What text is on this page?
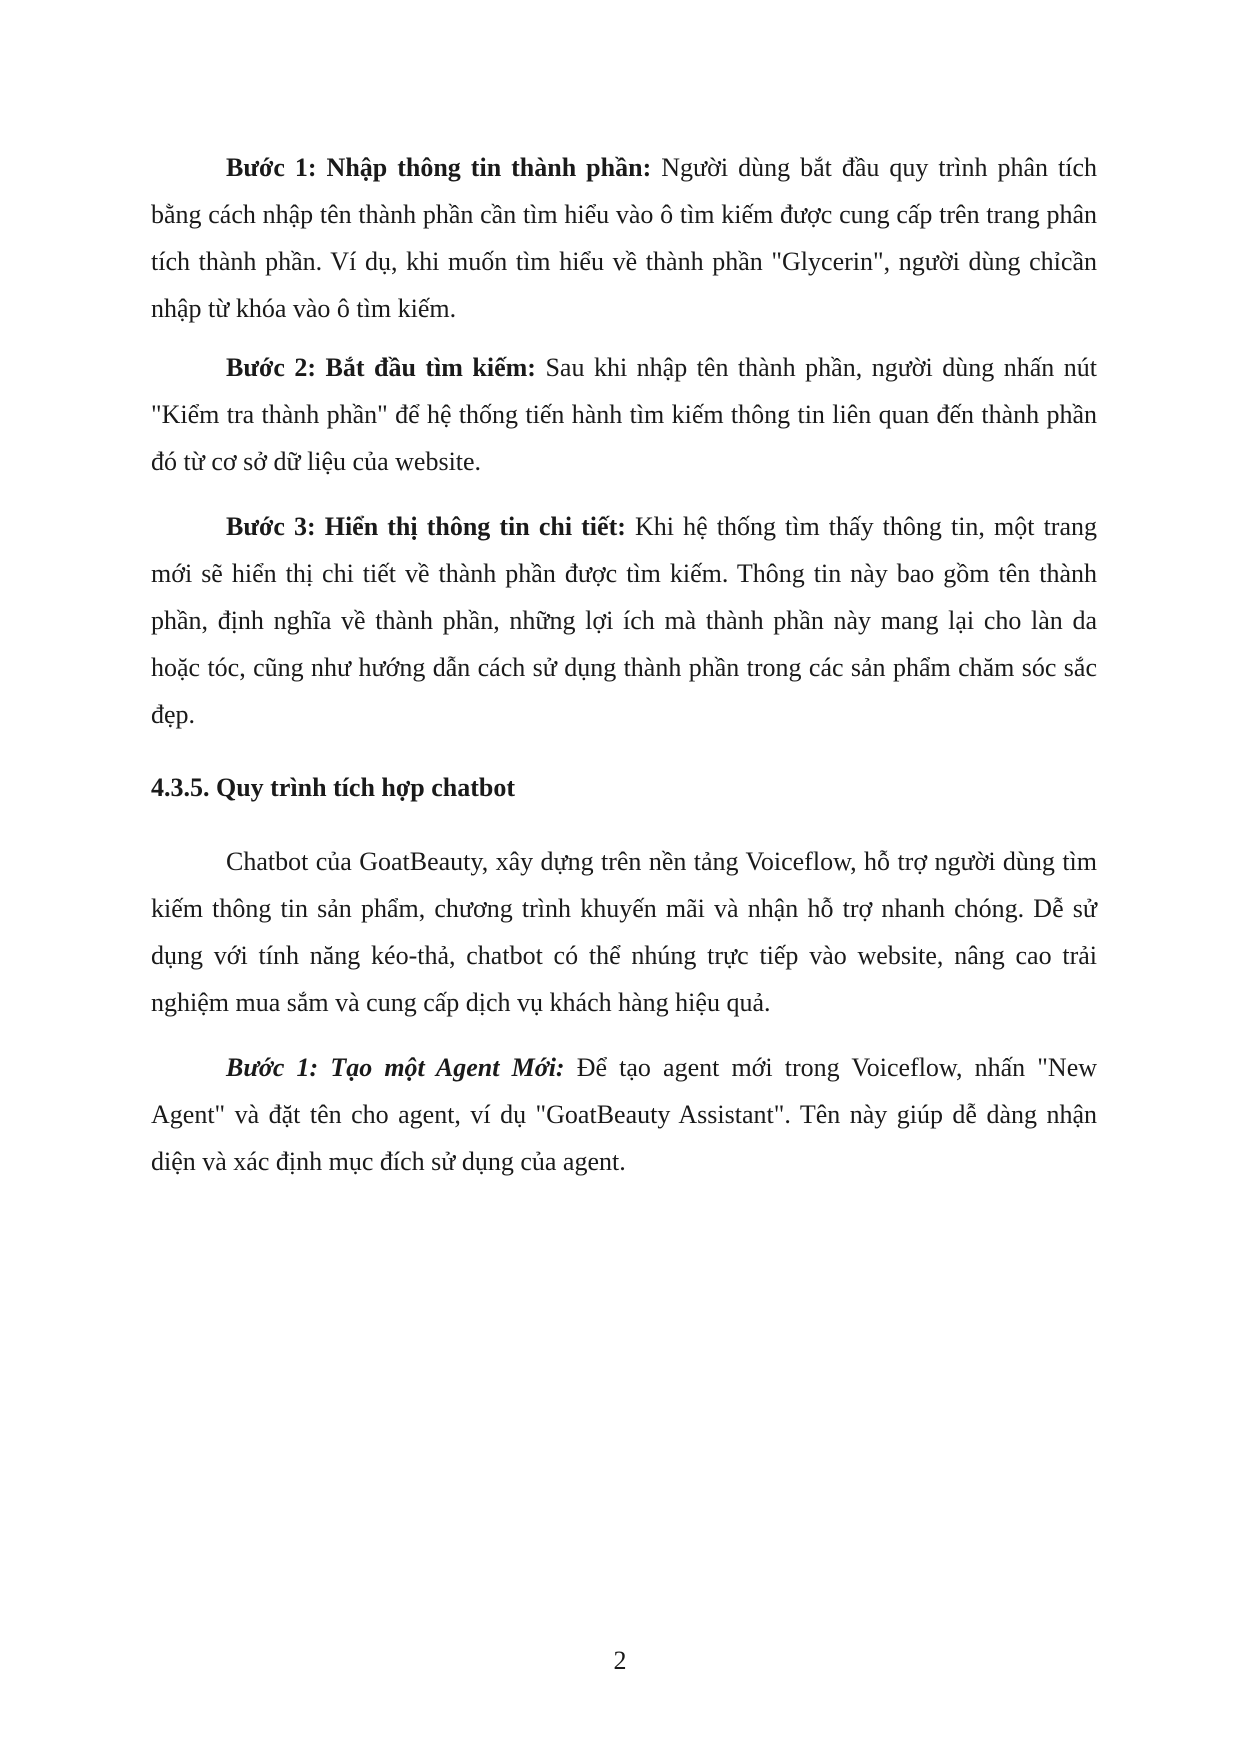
Bước 1: Nhập thông tin thành phần: Người dùng bắt đầu quy trình phân tích bằng cách nhập tên thành phần cần tìm hiểu vào ô tìm kiếm được cung cấp trên trang phân tích thành phần. Ví dụ, khi muốn tìm hiểu về thành phần "Glycerin", người dùng chỉcần nhập từ khóa vào ô tìm kiếm.

Bước 2: Bắt đầu tìm kiếm: Sau khi nhập tên thành phần, người dùng nhấn nút "Kiểm tra thành phần" để hệ thống tiến hành tìm kiếm thông tin liên quan đến thành phần đó từ cơ sở dữ liệu của website.

Bước 3: Hiển thị thông tin chi tiết: Khi hệ thống tìm thấy thông tin, một trang mới sẽ hiển thị chi tiết về thành phần được tìm kiếm. Thông tin này bao gồm tên thành phần, định nghĩa về thành phần, những lợi ích mà thành phần này mang lại cho làn da hoặc tóc, cũng như hướng dẫn cách sử dụng thành phần trong các sản phẩm chăm sóc sắc đẹp.

4.3.5. Quy trình tích hợp chatbot

Chatbot của GoatBeauty, xây dựng trên nền tảng Voiceflow, hỗ trợ người dùng tìm kiếm thông tin sản phẩm, chương trình khuyến mãi và nhận hỗ trợ nhanh chóng. Dễ sử dụng với tính năng kéo-thả, chatbot có thể nhúng trực tiếp vào website, nâng cao trải nghiệm mua sắm và cung cấp dịch vụ khách hàng hiệu quả.

Bước 1: Tạo một Agent Mới: Để tạo agent mới trong Voiceflow, nhấn "New Agent" và đặt tên cho agent, ví dụ "GoatBeauty Assistant". Tên này giúp dễ dàng nhận diện và xác định mục đích sử dụng của agent.

2
